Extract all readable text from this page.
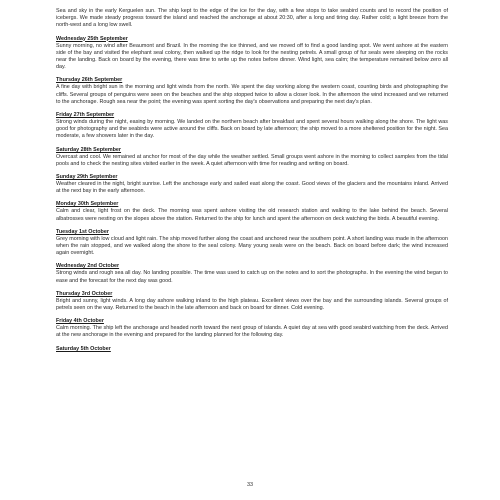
Sea and sky in the early Kerguelen sun. The ship kept to the edge of the ice for the day, with a few stops to take seabird counts and to record the position of icebergs. We made steady progress toward the island and reached the anchorage at about 20:30, after a long and tiring day. Rather cold; a light breeze from the north-west and a long low swell.

Wednesday 25th September

Sunny morning, no wind after Beaumont and Brazil. In the morning the ice thinned, and we moved off to find a good landing spot. We went ashore at the eastern side of the bay and visited the elephant seal colony, then walked up the ridge to look for the nesting petrels. A small group of fur seals were sleeping on the rocks near the landing. Back on board by the evening, there was time to write up the notes before dinner. Wind light, sea calm; the temperature remained below zero all day.

Thursday 26th September

A fine day with bright sun in the morning and light winds from the north. We spent the day working along the western coast, counting birds and photographing the cliffs. Several groups of penguins were seen on the beaches and the ship stopped twice to allow a closer look. In the afternoon the wind increased and we returned to the anchorage. Rough sea near the point; the evening was spent sorting the day's observations and preparing the next day's plan.

Friday 27th September

Strong winds during the night, easing by morning. We landed on the northern beach after breakfast and spent several hours walking along the shore. The light was good for photography and the seabirds were active around the cliffs. Back on board by late afternoon; the ship moved to a more sheltered position for the night. Sea moderate, a few showers later in the day.

Saturday 28th September

Overcast and cool. We remained at anchor for most of the day while the weather settled. Small groups went ashore in the morning to collect samples from the tidal pools and to check the nesting sites visited earlier in the week. A quiet afternoon with time for reading and writing on board.

Sunday 29th September

Weather cleared in the night, bright sunrise. Left the anchorage early and sailed east along the coast. Good views of the glaciers and the mountains inland. Arrived at the next bay in the early afternoon.

Monday 30th September

Calm and clear, light frost on the deck. The morning was spent ashore visiting the old research station and walking to the lake behind the beach. Several albatrosses were nesting on the slopes above the station. Returned to the ship for lunch and spent the afternoon on deck watching the birds. A beautiful evening.

Tuesday 1st October

Grey morning with low cloud and light rain. The ship moved further along the coast and anchored near the southern point. A short landing was made in the afternoon when the rain stopped, and we walked along the shore to the seal colony. Many young seals were on the beach. Back on board before dark; the wind increased again overnight.

Wednesday 2nd October

Strong winds and rough sea all day. No landing possible. The time was used to catch up on the notes and to sort the photographs. In the evening the wind began to ease and the forecast for the next day was good.

Thursday 3rd October

Bright and sunny, light winds. A long day ashore walking inland to the high plateau. Excellent views over the bay and the surrounding islands. Several groups of petrels seen on the way. Returned to the beach in the late afternoon and back on board for dinner. Cold evening.

Friday 4th October

Calm morning. The ship left the anchorage and headed north toward the next group of islands. A quiet day at sea with good seabird watching from the deck. Arrived at the new anchorage in the evening and prepared for the landing planned for the following day.

Saturday 5th October

33
